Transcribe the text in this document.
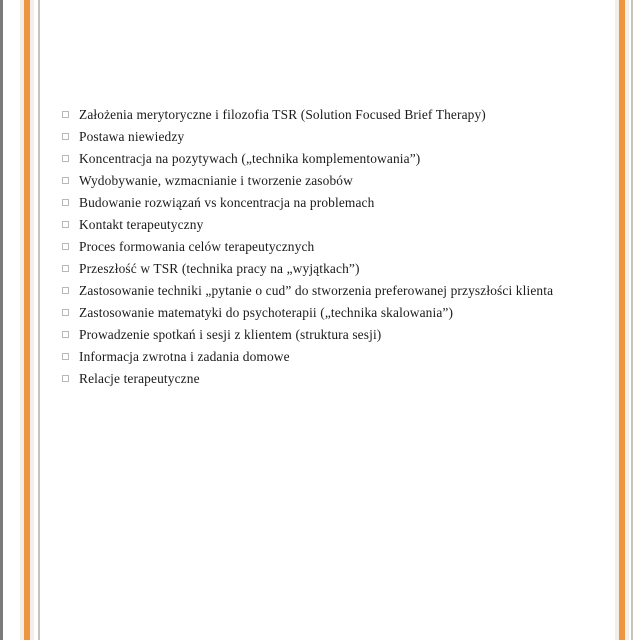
Założenia merytoryczne i filozofia TSR (Solution Focused Brief Therapy)
Postawa niewiedzy
Koncentracja na pozytywach („technika komplementowania”)
Wydobywanie, wzmacnianie i tworzenie zasobów
Budowanie rozwiązań vs koncentracja na problemach
Kontakt terapeutyczny
Proces formowania celów terapeutycznych
Przeszłość w TSR (technika pracy na „wyjątkach”)
Zastosowanie techniki „pytanie o cud” do stworzenia preferowanej przyszłości klienta
Zastosowanie matematyki do psychoterapii („technika skalowania”)
Prowadzenie spotkań i sesji z klientem (struktura sesji)
Informacja zwrotna i zadania domowe
Relacje terapeutyczne
